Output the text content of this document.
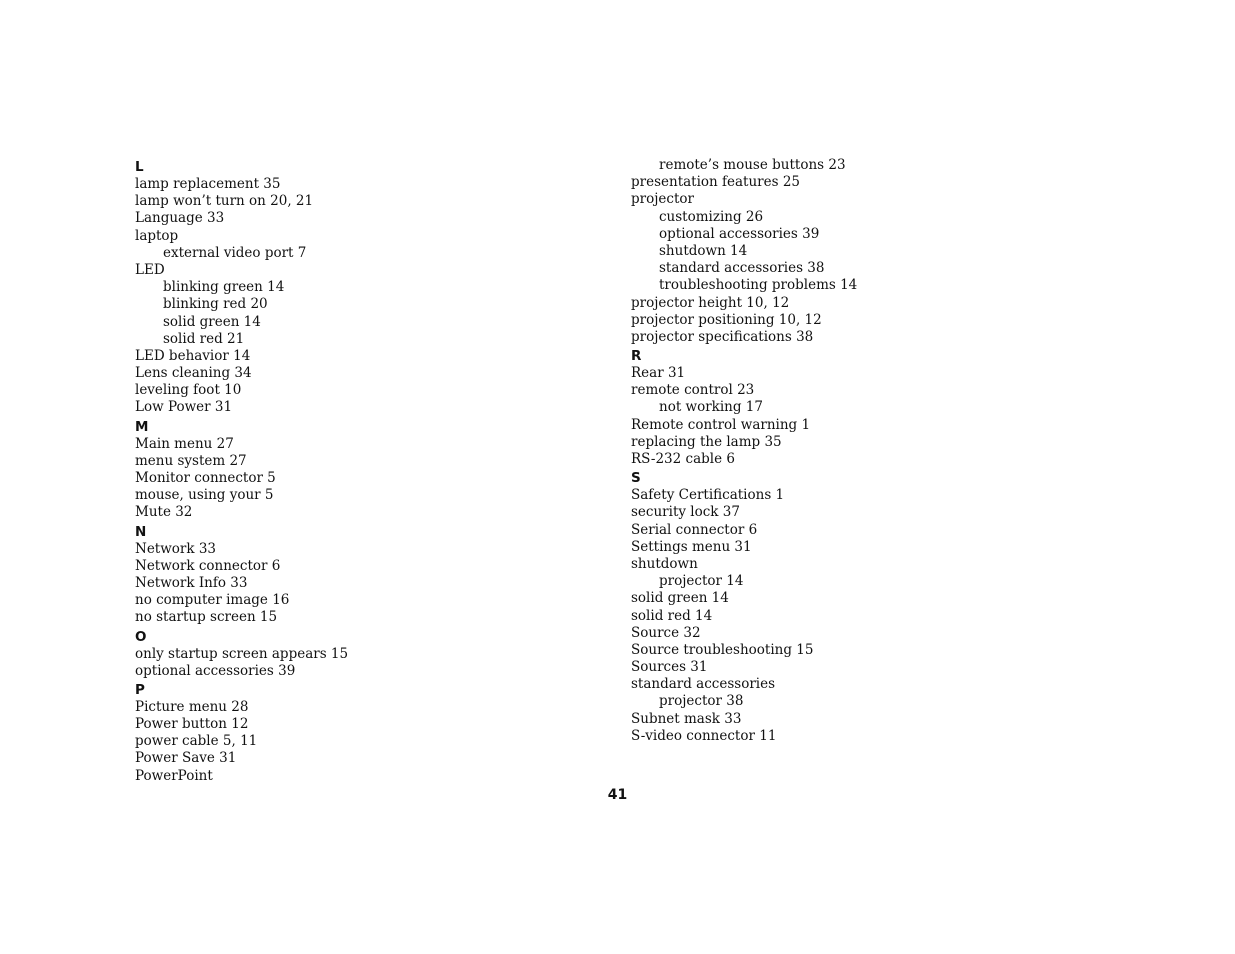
L
lamp replacement 35
lamp won’t turn on 20, 21
Language 33
laptop
external video port 7
LED
blinking green 14
blinking red 20
solid green 14
solid red 21
LED behavior 14
Lens cleaning 34
leveling foot 10
Low Power 31
M
Main menu 27
menu system 27
Monitor connector 5
mouse, using your 5
Mute 32
N
Network 33
Network connector 6
Network Info 33
no computer image 16
no startup screen 15
O
only startup screen appears 15
optional accessories 39
P
Picture menu 28
Power button 12
power cable 5, 11
Power Save 31
PowerPoint
remote’s mouse buttons 23
presentation features 25
projector
customizing 26
optional accessories 39
shutdown 14
standard accessories 38
troubleshooting problems 14
projector height 10, 12
projector positioning 10, 12
projector specifications 38
R
Rear 31
remote control 23
not working 17
Remote control warning 1
replacing the lamp 35
RS-232 cable 6
S
Safety Certifications 1
security lock 37
Serial connector 6
Settings menu 31
shutdown
projector 14
solid green 14
solid red 14
Source 32
Source troubleshooting 15
Sources 31
standard accessories
projector 38
Subnet mask 33
S-video connector 11
41
